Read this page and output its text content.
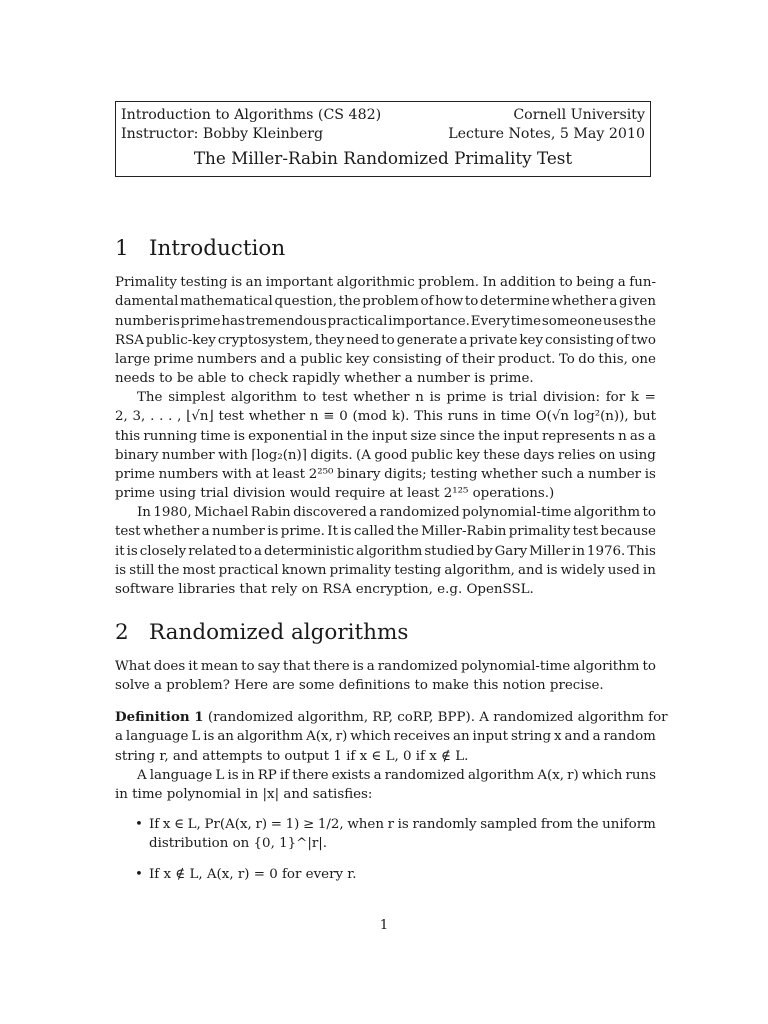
Introduction to Algorithms (CS 482)	Cornell University
Instructor: Bobby Kleinberg	Lecture Notes, 5 May 2010
The Miller-Rabin Randomized Primality Test
1 Introduction
Primality testing is an important algorithmic problem. In addition to being a fun-
damental mathematical question, the problem of how to determine whether a given
number is prime has tremendous practical importance. Every time someone uses the
RSA public-key cryptosystem, they need to generate a private key consisting of two
large prime numbers and a public key consisting of their product. To do this, one
needs to be able to check rapidly whether a number is prime.
The simplest algorithm to test whether n is prime is trial division: for k =
2, 3, . . . , ⌊√n⌋ test whether n ≡ 0 (mod k). This runs in time O(√n log²(n)), but
this running time is exponential in the input size since the input represents n as a
binary number with ⌈log₂(n)⌉ digits. (A good public key these days relies on using
prime numbers with at least 2²⁵⁰ binary digits; testing whether such a number is
prime using trial division would require at least 2¹²⁵ operations.)
In 1980, Michael Rabin discovered a randomized polynomial-time algorithm to
test whether a number is prime. It is called the Miller-Rabin primality test because
it is closely related to a deterministic algorithm studied by Gary Miller in 1976. This
is still the most practical known primality testing algorithm, and is widely used in
software libraries that rely on RSA encryption, e.g. OpenSSL.
2 Randomized algorithms
What does it mean to say that there is a randomized polynomial-time algorithm to
solve a problem? Here are some definitions to make this notion precise.
Definition 1 (randomized algorithm, RP, coRP, BPP). A randomized algorithm for
a language L is an algorithm A(x, r) which receives an input string x and a random
string r, and attempts to output 1 if x ∈ L, 0 if x ∉ L.
A language L is in RP if there exists a randomized algorithm A(x, r) which runs
in time polynomial in |x| and satisfies:
• If x ∈ L, Pr(A(x, r) = 1) ≥ 1/2, when r is randomly sampled from the uniform
distribution on {0, 1}^|r|.
• If x ∉ L, A(x, r) = 0 for every r.
1
